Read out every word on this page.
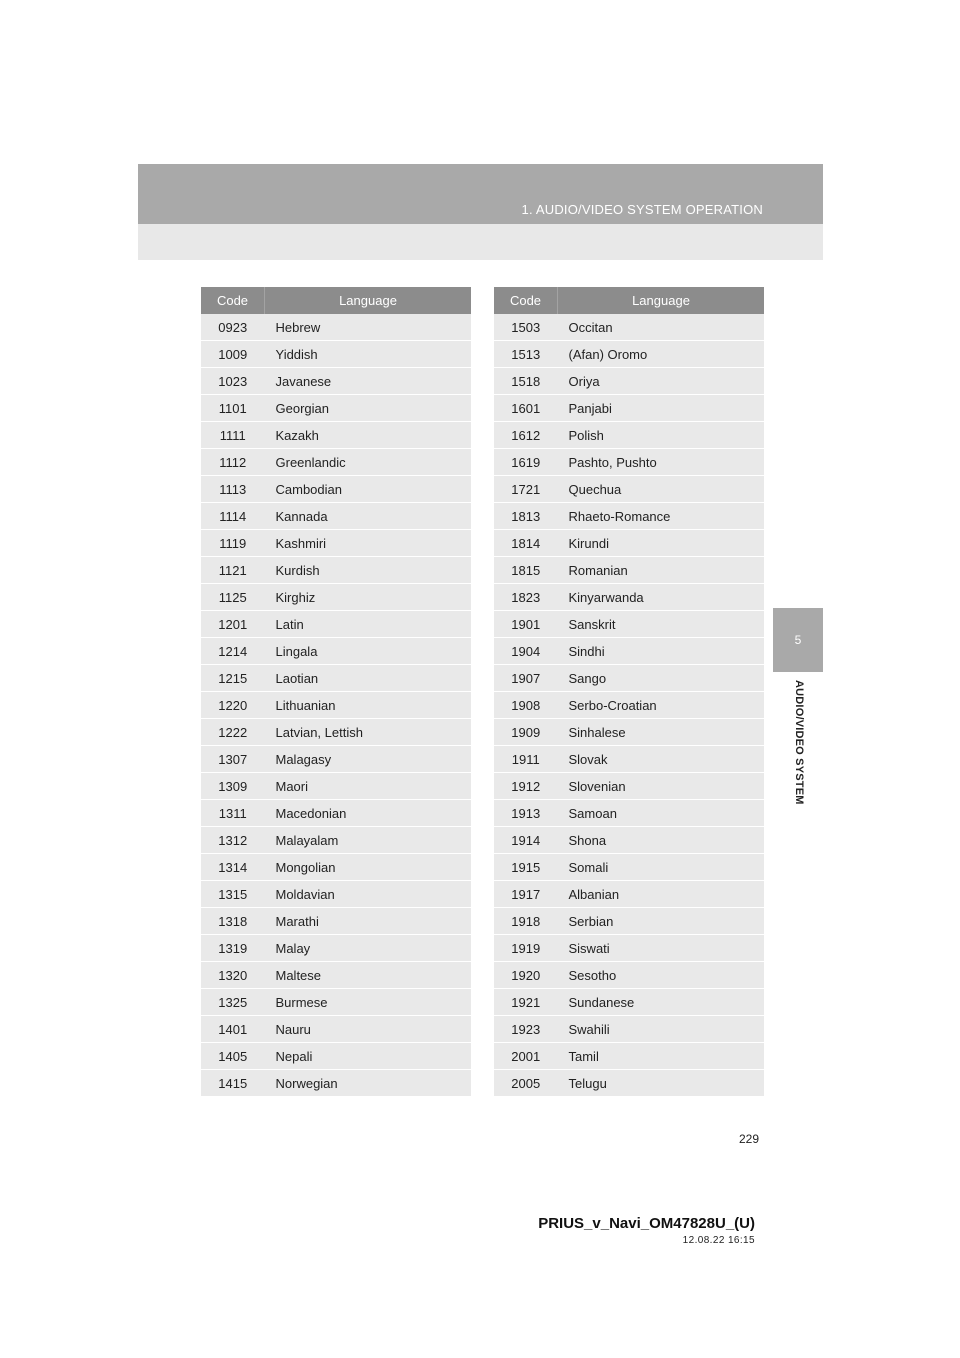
1. AUDIO/VIDEO SYSTEM OPERATION
5
AUDIO/VIDEO SYSTEM
Code	Language
0923	Hebrew
1009	Yiddish
1023	Javanese
1101	Georgian
1111	Kazakh
1112	Greenlandic
1113	Cambodian
1114	Kannada
1119	Kashmiri
1121	Kurdish
1125	Kirghiz
1201	Latin
1214	Lingala
1215	Laotian
1220	Lithuanian
1222	Latvian, Lettish
1307	Malagasy
1309	Maori
1311	Macedonian
1312	Malayalam
1314	Mongolian
1315	Moldavian
1318	Marathi
1319	Malay
1320	Maltese
1325	Burmese
1401	Nauru
1405	Nepali
1415	Norwegian
Code	Language
1503	Occitan
1513	(Afan) Oromo
1518	Oriya
1601	Panjabi
1612	Polish
1619	Pashto, Pushto
1721	Quechua
1813	Rhaeto-Romance
1814	Kirundi
1815	Romanian
1823	Kinyarwanda
1901	Sanskrit
1904	Sindhi
1907	Sango
1908	Serbo-Croatian
1909	Sinhalese
1911	Slovak
1912	Slovenian
1913	Samoan
1914	Shona
1915	Somali
1917	Albanian
1918	Serbian
1919	Siswati
1920	Sesotho
1921	Sundanese
1923	Swahili
2001	Tamil
2005	Telugu
229
PRIUS_v_Navi_OM47828U_(U)
12.08.22 16:15
